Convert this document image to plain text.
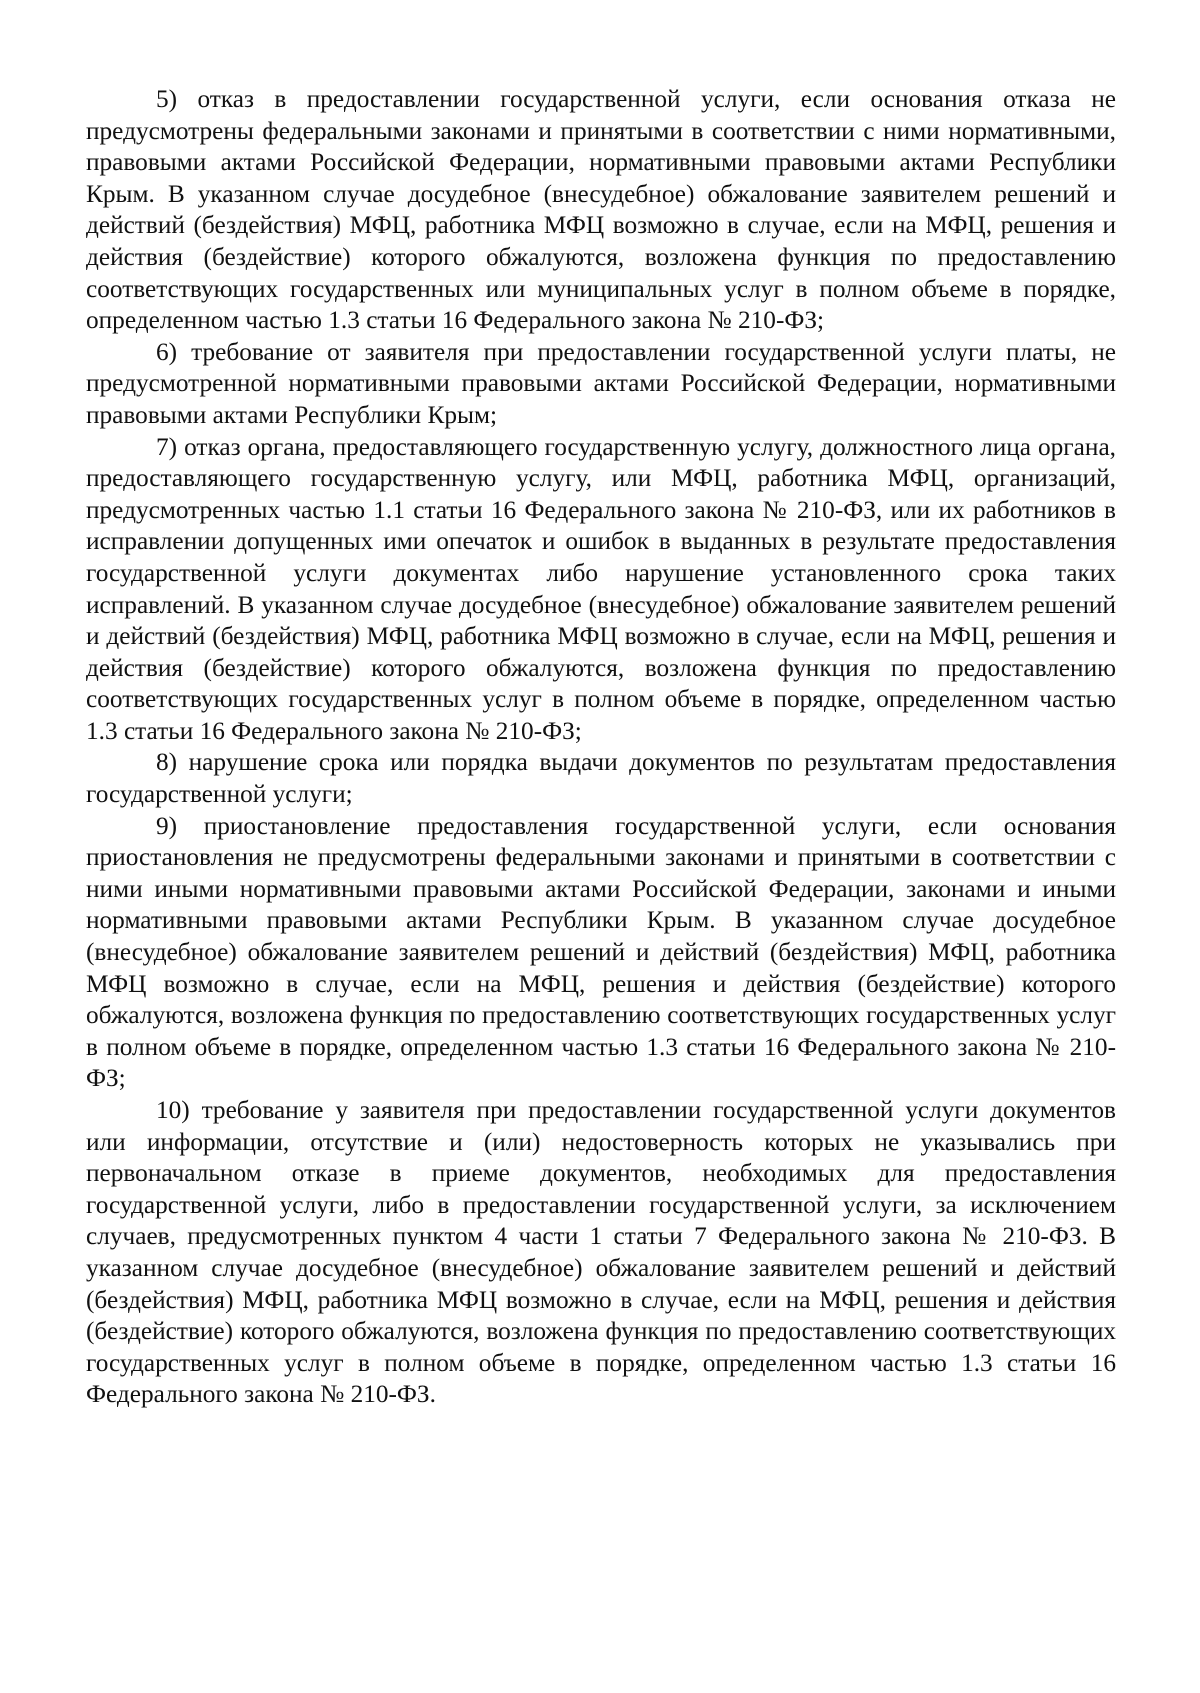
5) отказ в предоставлении государственной услуги, если основания отказа не предусмотрены федеральными законами и принятыми в соответствии с ними нормативными, правовыми актами Российской Федерации, нормативными правовыми актами Республики Крым. В указанном случае досудебное (внесудебное) обжалование заявителем решений и действий (бездействия) МФЦ, работника МФЦ возможно в случае, если на МФЦ, решения и действия (бездействие) которого обжалуются, возложена функция по предоставлению соответствующих государственных или муниципальных услуг в полном объеме в порядке, определенном частью 1.3 статьи 16 Федерального закона № 210-ФЗ;

6) требование от заявителя при предоставлении государственной услуги платы, не предусмотренной нормативными правовыми актами Российской Федерации, нормативными правовыми актами Республики Крым;

7) отказ органа, предоставляющего государственную услугу, должностного лица органа, предоставляющего государственную услугу, или МФЦ, работника МФЦ, организаций, предусмотренных частью 1.1 статьи 16 Федерального закона № 210-ФЗ, или их работников в исправлении допущенных ими опечаток и ошибок в выданных в результате предоставления государственной услуги документах либо нарушение установленного срока таких исправлений. В указанном случае досудебное (внесудебное) обжалование заявителем решений и действий (бездействия) МФЦ, работника МФЦ возможно в случае, если на МФЦ, решения и действия (бездействие) которого обжалуются, возложена функция по предоставлению соответствующих государственных услуг в полном объеме в порядке, определенном частью 1.3 статьи 16 Федерального закона № 210-ФЗ;

8) нарушение срока или порядка выдачи документов по результатам предоставления государственной услуги;

9) приостановление предоставления государственной услуги, если основания приостановления не предусмотрены федеральными законами и принятыми в соответствии с ними иными нормативными правовыми актами Российской Федерации, законами и иными нормативными правовыми актами Республики Крым. В указанном случае досудебное (внесудебное) обжалование заявителем решений и действий (бездействия) МФЦ, работника МФЦ возможно в случае, если на МФЦ, решения и действия (бездействие) которого обжалуются, возложена функция по предоставлению соответствующих государственных услуг в полном объеме в порядке, определенном частью 1.3 статьи 16 Федерального закона № 210-ФЗ;

10) требование у заявителя при предоставлении государственной услуги документов или информации, отсутствие и (или) недостоверность которых не указывались при первоначальном отказе в приеме документов, необходимых для предоставления государственной услуги, либо в предоставлении государственной услуги, за исключением случаев, предусмотренных пунктом 4 части 1 статьи 7 Федерального закона № 210-ФЗ. В указанном случае досудебное (внесудебное) обжалование заявителем решений и действий (бездействия) МФЦ, работника МФЦ возможно в случае, если на МФЦ, решения и действия (бездействие) которого обжалуются, возложена функция по предоставлению соответствующих государственных услуг в полном объеме в порядке, определенном частью 1.3 статьи 16 Федерального закона № 210-ФЗ.
